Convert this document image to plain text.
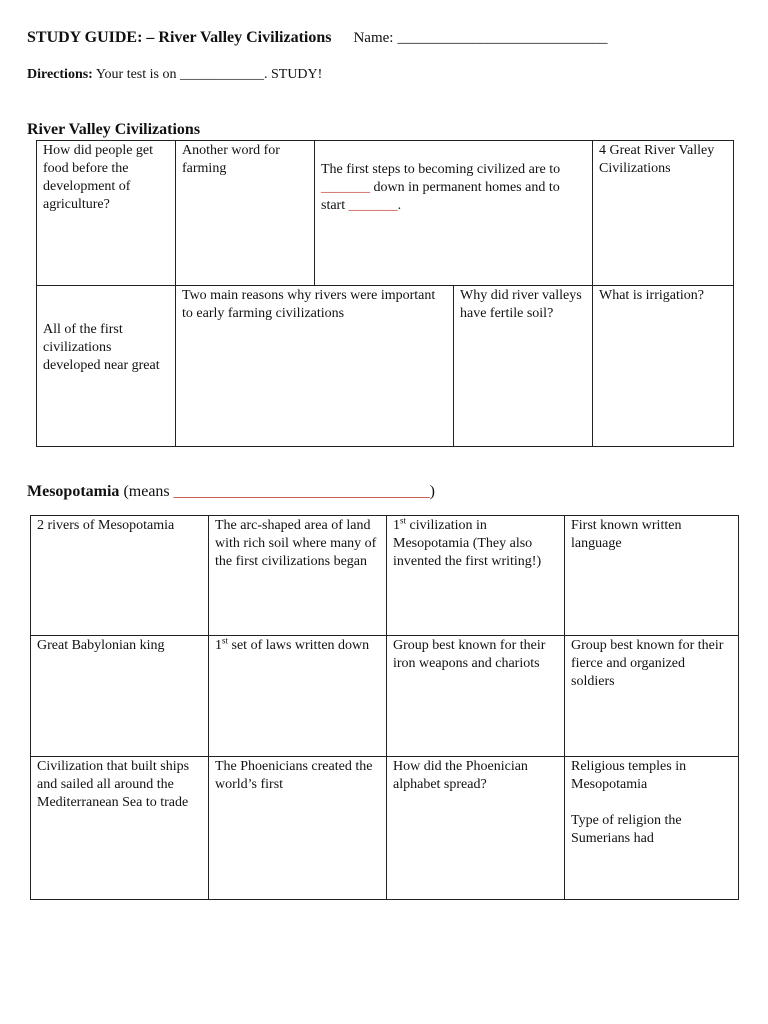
STUDY GUIDE: – River Valley Civilizations Name: ____________________________
Directions: Your test is on ____________. STUDY!
River Valley Civilizations
How did people get food before the development of agriculture?	Another word for farming	The first steps to becoming civilized are to _______ down in permanent homes and to start _______.		4 Great River Valley Civilizations

All of the first civilizations developed near great	Two main reasons why rivers were important to early farming civilizations		Why did river valleys have fertile soil?	What is irrigation?
Mesopotamia (means ________________________________)
2 rivers of Mesopotamia	The arc-shaped area of land with rich soil where many of the first civilizations began	1st civilization in Mesopotamia (They also invented the first writing!)	First known written language
Great Babylonian king	1st set of laws written down	Group best known for their iron weapons and chariots	Group best known for their fierce and organized soldiers
Civilization that built ships and sailed all around the Mediterranean Sea to trade	The Phoenicians created the world’s first	How did the Phoenician alphabet spread?	Religious temples in Mesopotamia
Type of religion the Sumerians had
